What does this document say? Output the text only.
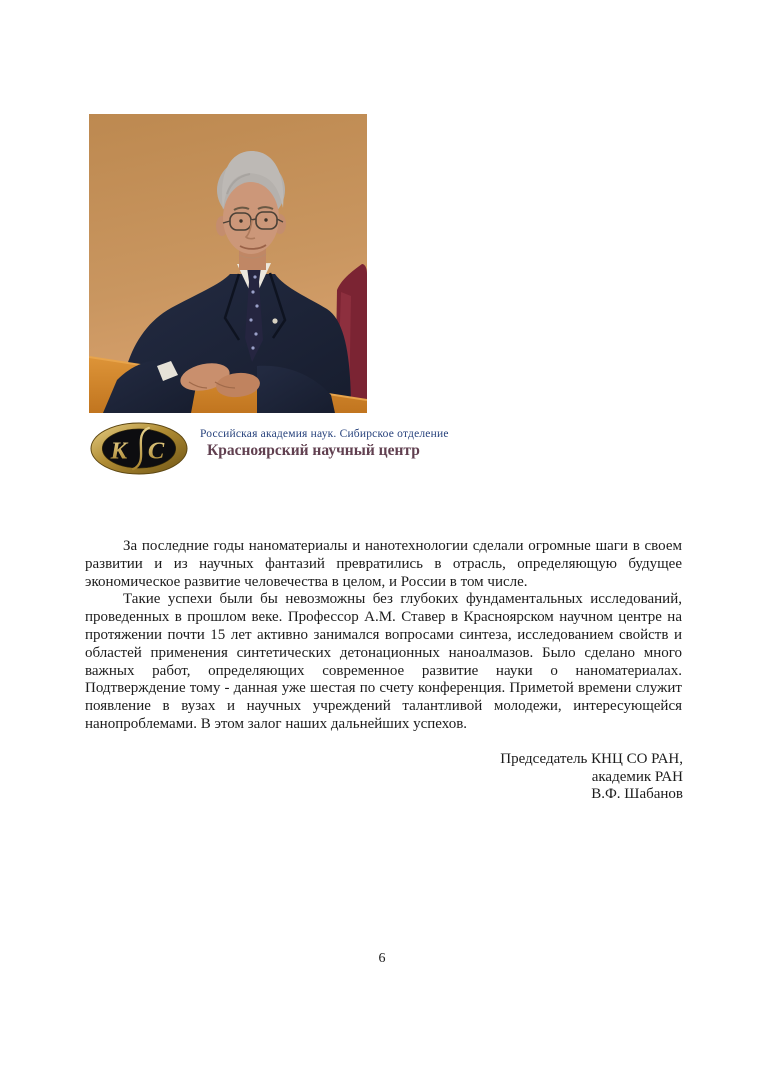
К С
Российская академия наук. Сибирское отделение
Красноярский научный центр

За последние годы наноматериалы и нанотехнологии сделали огромные шаги в своем развитии и из научных фантазий превратились в отрасль, определяющую будущее экономическое развитие человечества в целом, и России в том числе.

Такие успехи были бы невозможны без глубоких фундаментальных исследований, проведенных в прошлом веке. Профессор А.М. Ставер в Красноярском научном центре на протяжении почти 15 лет активно занимался вопросами синтеза, исследованием свойств и областей применения синтетических детонационных наноалмазов. Было сделано много важных работ, определяющих современное развитие науки о наноматериалах. Подтверждение тому - данная уже шестая по счету конференция. Приметой времени служит появление в вузах и научных учреждений талантливой молодежи, интересующейся нанопроблемами. В этом залог наших дальнейших успехов.

Председатель КНЦ СО РАН,
академик РАН
В.Ф. Шабанов
6
